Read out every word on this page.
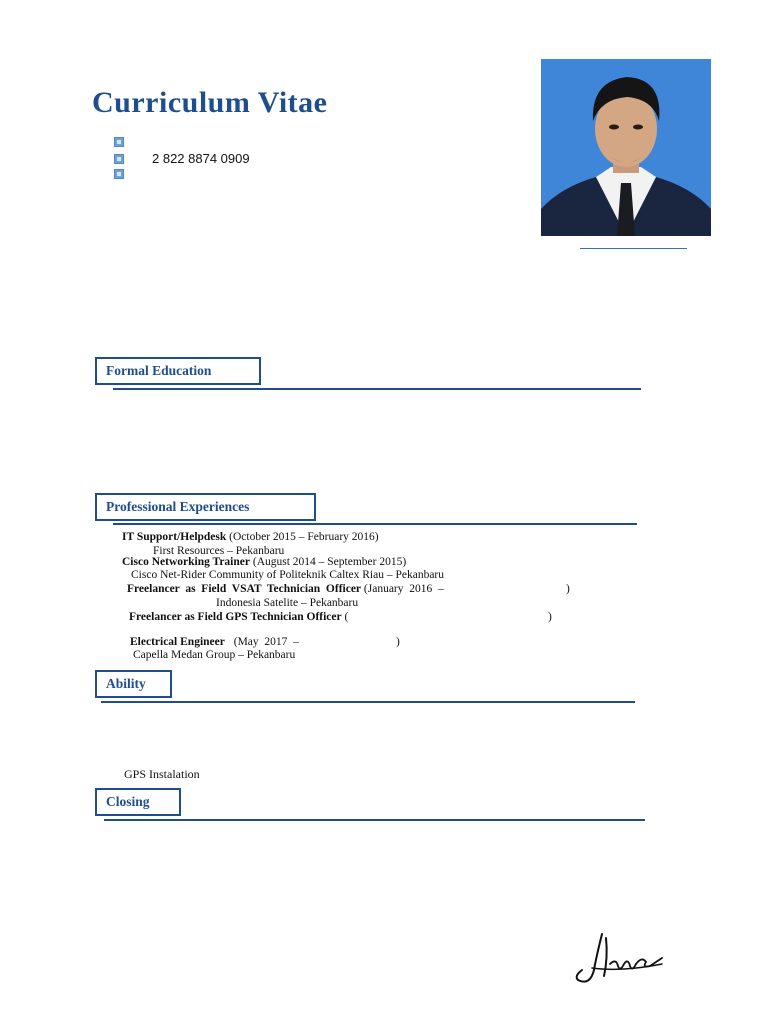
Curriculum Vitae
2 822 8874 0909
Formal Education
Professional Experiences
IT Support/Helpdesk (October 2015 – February 2016)
First Resources – Pekanbaru
Cisco Networking Trainer (August 2014 – September 2015)
Cisco Net-Rider Community of Politeknik Caltex Riau – Pekanbaru
Freelancer  as  Field  VSAT  Technician  Officer (January  2016  –	)
Indonesia Satelite – Pekanbaru
Freelancer as Field GPS Technician Officer (	)
Electrical Engineer (May  2017  –	)
Capella Medan Group – Pekanbaru
Ability
GPS Instalation
Closing
